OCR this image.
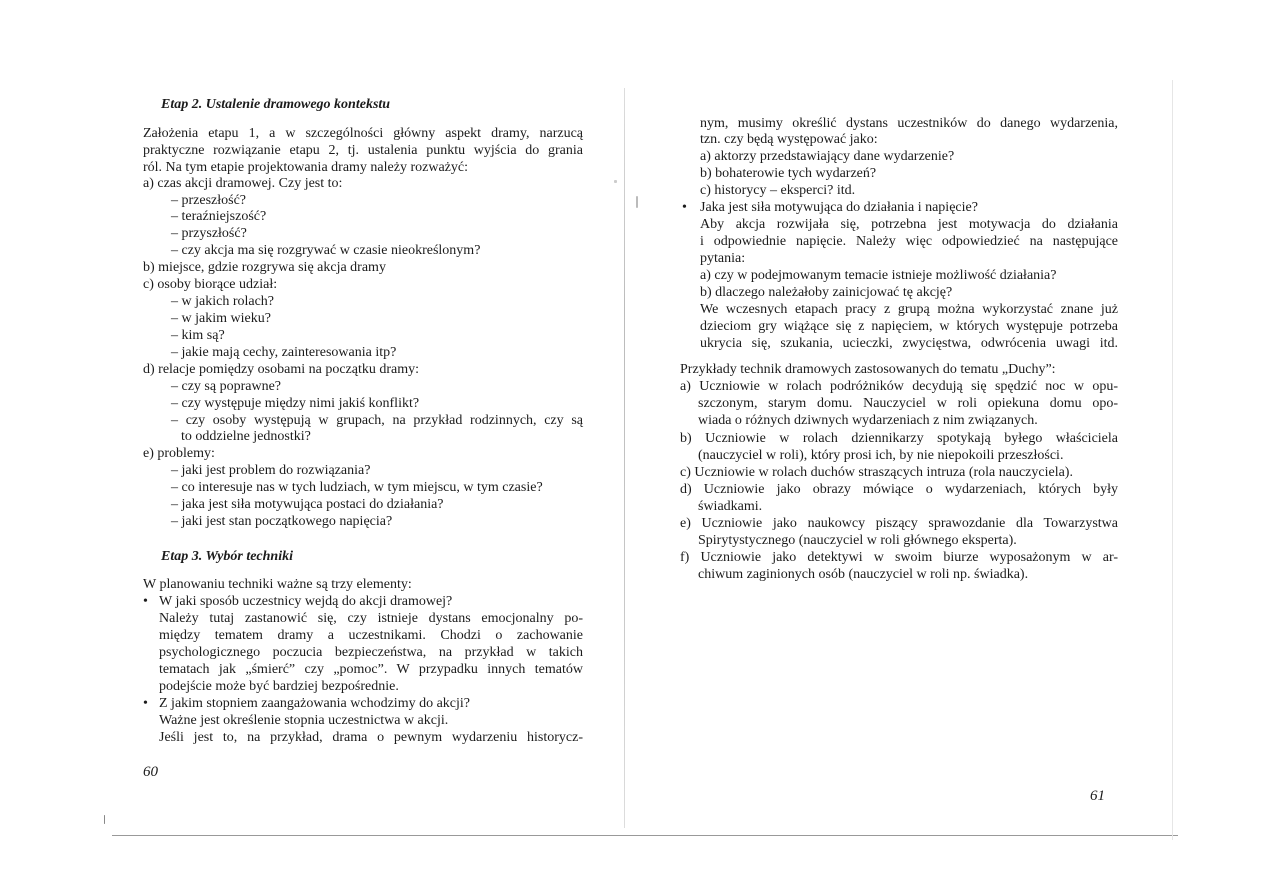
Etap 2. Ustalenie dramowego kontekstu
Założenia etapu 1, a w szczególności główny aspekt dramy, narzucą
praktyczne rozwiązanie etapu 2, tj. ustalenia punktu wyjścia do grania
ról. Na tym etapie projektowania dramy należy rozważyć:
a) czas akcji dramowej. Czy jest to:
– przeszłość?
– teraźniejszość?
– przyszłość?
– czy akcja ma się rozgrywać w czasie nieokreślonym?
b) miejsce, gdzie rozgrywa się akcja dramy
c) osoby biorące udział:
– w jakich rolach?
– w jakim wieku?
– kim są?
– jakie mają cechy, zainteresowania itp?
d) relacje pomiędzy osobami na początku dramy:
– czy są poprawne?
– czy występuje między nimi jakiś konflikt?
– czy osoby występują w grupach, na przykład rodzinnych, czy są
to oddzielne jednostki?
e) problemy:
– jaki jest problem do rozwiązania?
– co interesuje nas w tych ludziach, w tym miejscu, w tym czasie?
– jaka jest siła motywująca postaci do działania?
– jaki jest stan początkowego napięcia?
Etap 3. Wybór techniki
W planowaniu techniki ważne są trzy elementy:
• W jaki sposób uczestnicy wejdą do akcji dramowej?
Należy tutaj zastanowić się, czy istnieje dystans emocjonalny po-
między tematem dramy a uczestnikami. Chodzi o zachowanie
psychologicznego poczucia bezpieczeństwa, na przykład w takich
tematach jak „śmierć” czy „pomoc”. W przypadku innych tematów
podejście może być bardziej bezpośrednie.
• Z jakim stopniem zaangażowania wchodzimy do akcji?
Ważne jest określenie stopnia uczestnictwa w akcji.
Jeśli jest to, na przykład, drama o pewnym wydarzeniu historycz-
60
nym, musimy określić dystans uczestników do danego wydarzenia,
tzn. czy będą występować jako:
a) aktorzy przedstawiający dane wydarzenie?
b) bohaterowie tych wydarzeń?
c) historycy – eksperci? itd.
• Jaka jest siła motywująca do działania i napięcie?
Aby akcja rozwijała się, potrzebna jest motywacja do działania
i odpowiednie napięcie. Należy więc odpowiedzieć na następujące
pytania:
a) czy w podejmowanym temacie istnieje możliwość działania?
b) dlaczego należałoby zainicjować tę akcję?
We wczesnych etapach pracy z grupą można wykorzystać znane już
dzieciom gry wiążące się z napięciem, w których występuje potrzeba
ukrycia się, szukania, ucieczki, zwycięstwa, odwrócenia uwagi itd.
Przykłady technik dramowych zastosowanych do tematu „Duchy”:
a) Uczniowie w rolach podróżników decydują się spędzić noc w opu-
szczonym, starym domu. Nauczyciel w roli opiekuna domu opo-
wiada o różnych dziwnych wydarzeniach z nim związanych.
b) Uczniowie w rolach dziennikarzy spotykają byłego właściciela
(nauczyciel w roli), który prosi ich, by nie niepokoili przeszłości.
c) Uczniowie w rolach duchów straszących intruza (rola nauczyciela).
d) Uczniowie jako obrazy mówiące o wydarzeniach, których były
świadkami.
e) Uczniowie jako naukowcy piszący sprawozdanie dla Towarzystwa
Spirytystycznego (nauczyciel w roli głównego eksperta).
f) Uczniowie jako detektywi w swoim biurze wyposażonym w ar-
chiwum zaginionych osób (nauczyciel w roli np. świadka).
61
